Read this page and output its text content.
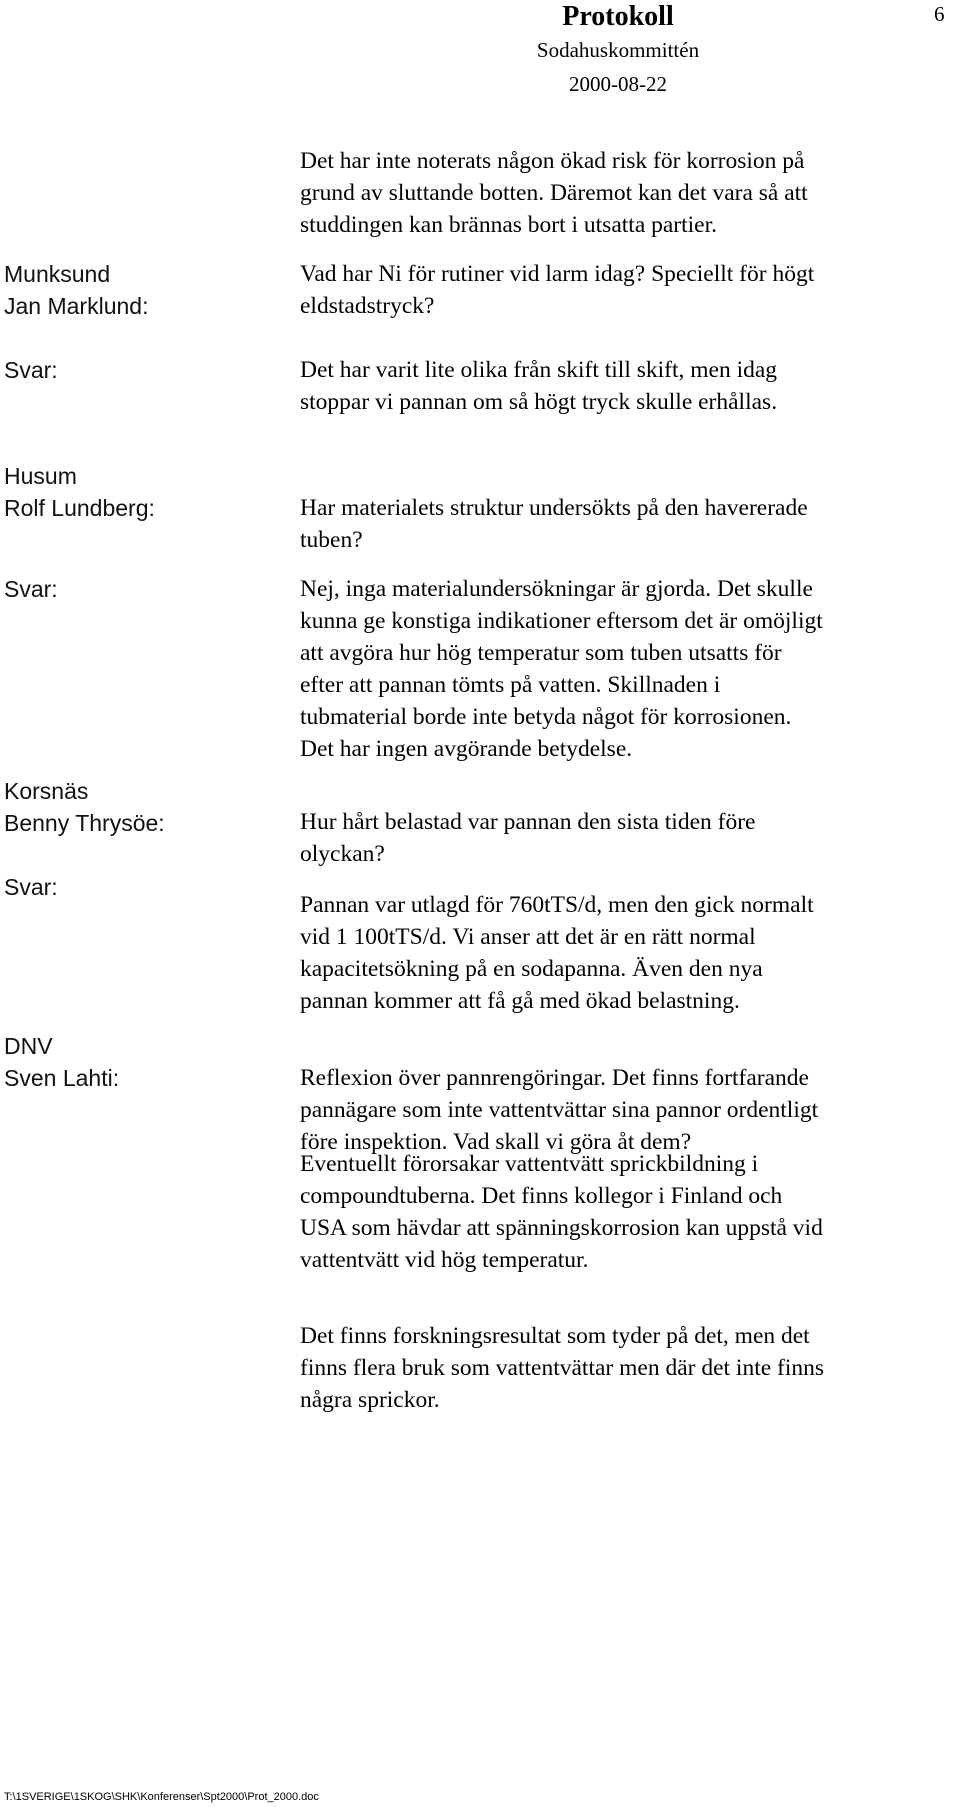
Protokoll
Sodahuskommittén
2000-08-22
6
Munksund
Jan Marklund:
Svar:
Husum
Rolf Lundberg:
Svar:
Korsnäs
Benny Thrysöe:
Svar:
DNV
Sven Lahti:
Det har inte noterats någon ökad risk för korrosion på
grund av sluttande botten. Däremot kan det vara så att
studdingen kan brännas bort i utsatta partier.
Vad har Ni för rutiner vid larm idag? Speciellt för högt
eldstadstryck?
Det har varit lite olika från skift till skift, men idag
stoppar vi pannan om så högt tryck skulle erhållas.
Har materialets struktur undersökts på den havererade
tuben?
Nej, inga materialundersökningar är gjorda. Det skulle
kunna ge konstiga indikationer eftersom det är omöjligt
att avgöra hur hög temperatur som tuben utsatts för
efter att pannan tömts på vatten. Skillnaden i
tubmaterial borde inte betyda något för korrosionen.
Det har ingen avgörande betydelse.
Hur hårt belastad var pannan den sista tiden före
olyckan?
Pannan var utlagd för 760tTS/d, men den gick normalt
vid 1 100tTS/d. Vi anser att det är en rätt normal
kapacitetsökning på en sodapanna. Även den nya
pannan kommer att få gå med ökad belastning.
Reflexion över pannrengöringar. Det finns fortfarande
pannägare som inte vattentvättar sina pannor ordentligt
före inspektion. Vad skall vi göra åt dem?
Eventuellt förorsakar vattentvätt sprickbildning i
compoundtuberna. Det finns kollegor i Finland och
USA som hävdar att spänningskorrosion kan uppstå vid
vattentvätt vid hög temperatur.
Det finns forskningsresultat som tyder på det, men det
finns flera bruk som vattentvättar men där det inte finns
några sprickor.
T:\1SVERIGE\1SKOG\SHK\Konferenser\Spt2000\Prot_2000.doc
